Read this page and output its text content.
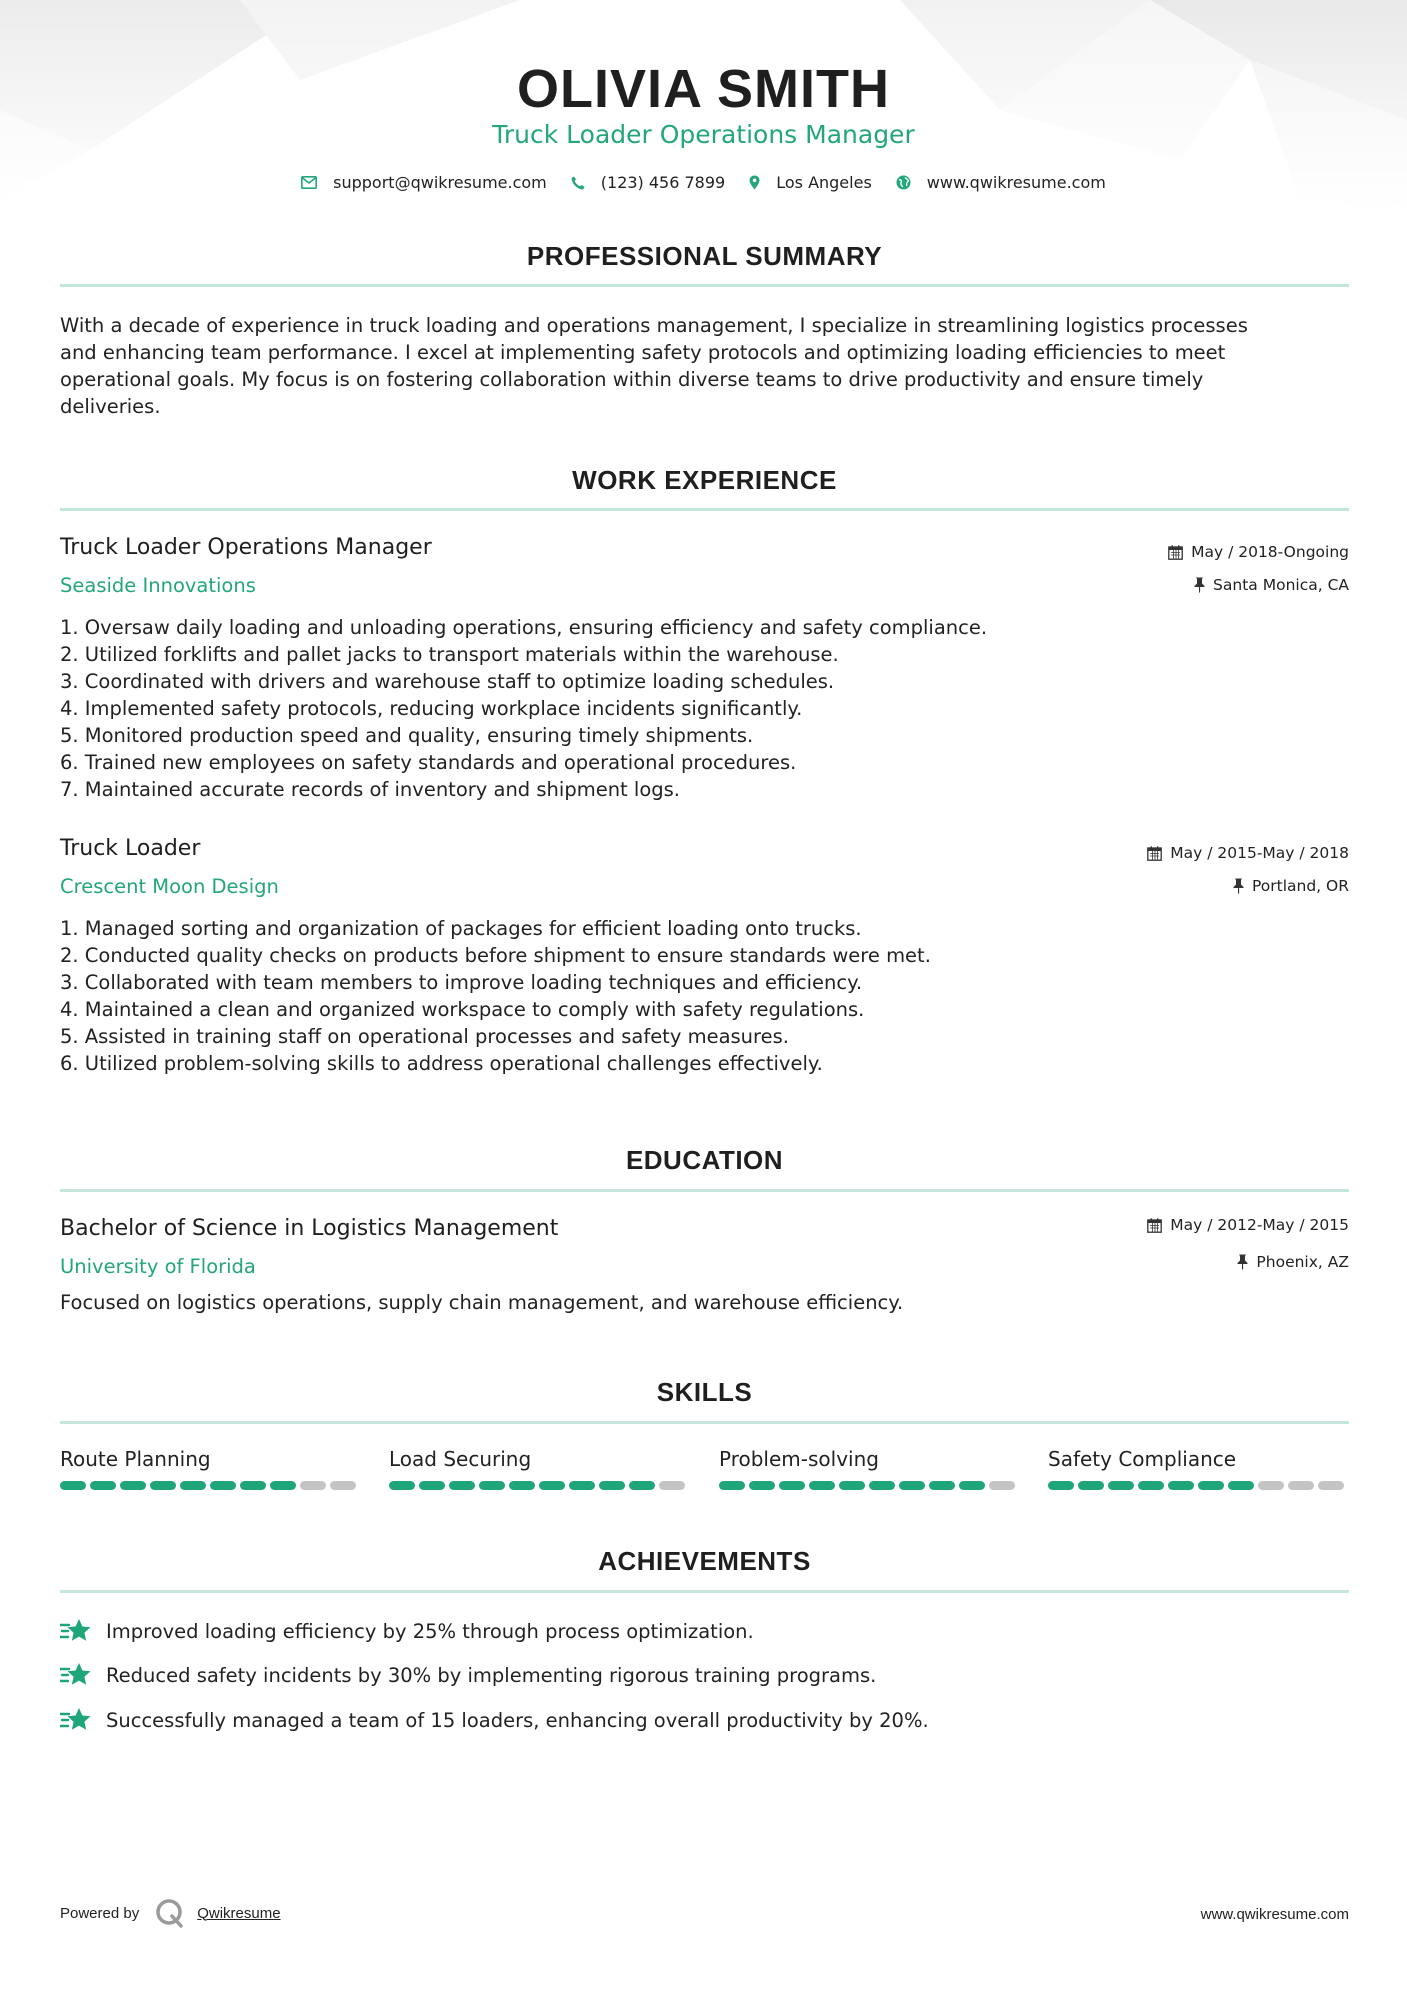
OLIVIA SMITH
Truck Loader Operations Manager
support@qwikresume.com	(123) 456 7899	Los Angeles	www.qwikresume.com
PROFESSIONAL SUMMARY
With a decade of experience in truck loading and operations management, I specialize in streamlining logistics processes
and enhancing team performance. I excel at implementing safety protocols and optimizing loading efficiencies to meet
operational goals. My focus is on fostering collaboration within diverse teams to drive productivity and ensure timely
deliveries.
WORK EXPERIENCE
Truck Loader Operations Manager	May / 2018-Ongoing
Seaside Innovations	Santa Monica, CA
1. Oversaw daily loading and unloading operations, ensuring efficiency and safety compliance.
2. Utilized forklifts and pallet jacks to transport materials within the warehouse.
3. Coordinated with drivers and warehouse staff to optimize loading schedules.
4. Implemented safety protocols, reducing workplace incidents significantly.
5. Monitored production speed and quality, ensuring timely shipments.
6. Trained new employees on safety standards and operational procedures.
7. Maintained accurate records of inventory and shipment logs.
Truck Loader	May / 2015-May / 2018
Crescent Moon Design	Portland, OR
1. Managed sorting and organization of packages for efficient loading onto trucks.
2. Conducted quality checks on products before shipment to ensure standards were met.
3. Collaborated with team members to improve loading techniques and efficiency.
4. Maintained a clean and organized workspace to comply with safety regulations.
5. Assisted in training staff on operational processes and safety measures.
6. Utilized problem-solving skills to address operational challenges effectively.
EDUCATION
Bachelor of Science in Logistics Management	May / 2012-May / 2015
University of Florida	Phoenix, AZ
Focused on logistics operations, supply chain management, and warehouse efficiency.
SKILLS
Route Planning	Load Securing	Problem-solving	Safety Compliance
ACHIEVEMENTS
Improved loading efficiency by 25% through process optimization.
Reduced safety incidents by 30% by implementing rigorous training programs.
Successfully managed a team of 15 loaders, enhancing overall productivity by 20%.
Powered by	Qwikresume	www.qwikresume.com
